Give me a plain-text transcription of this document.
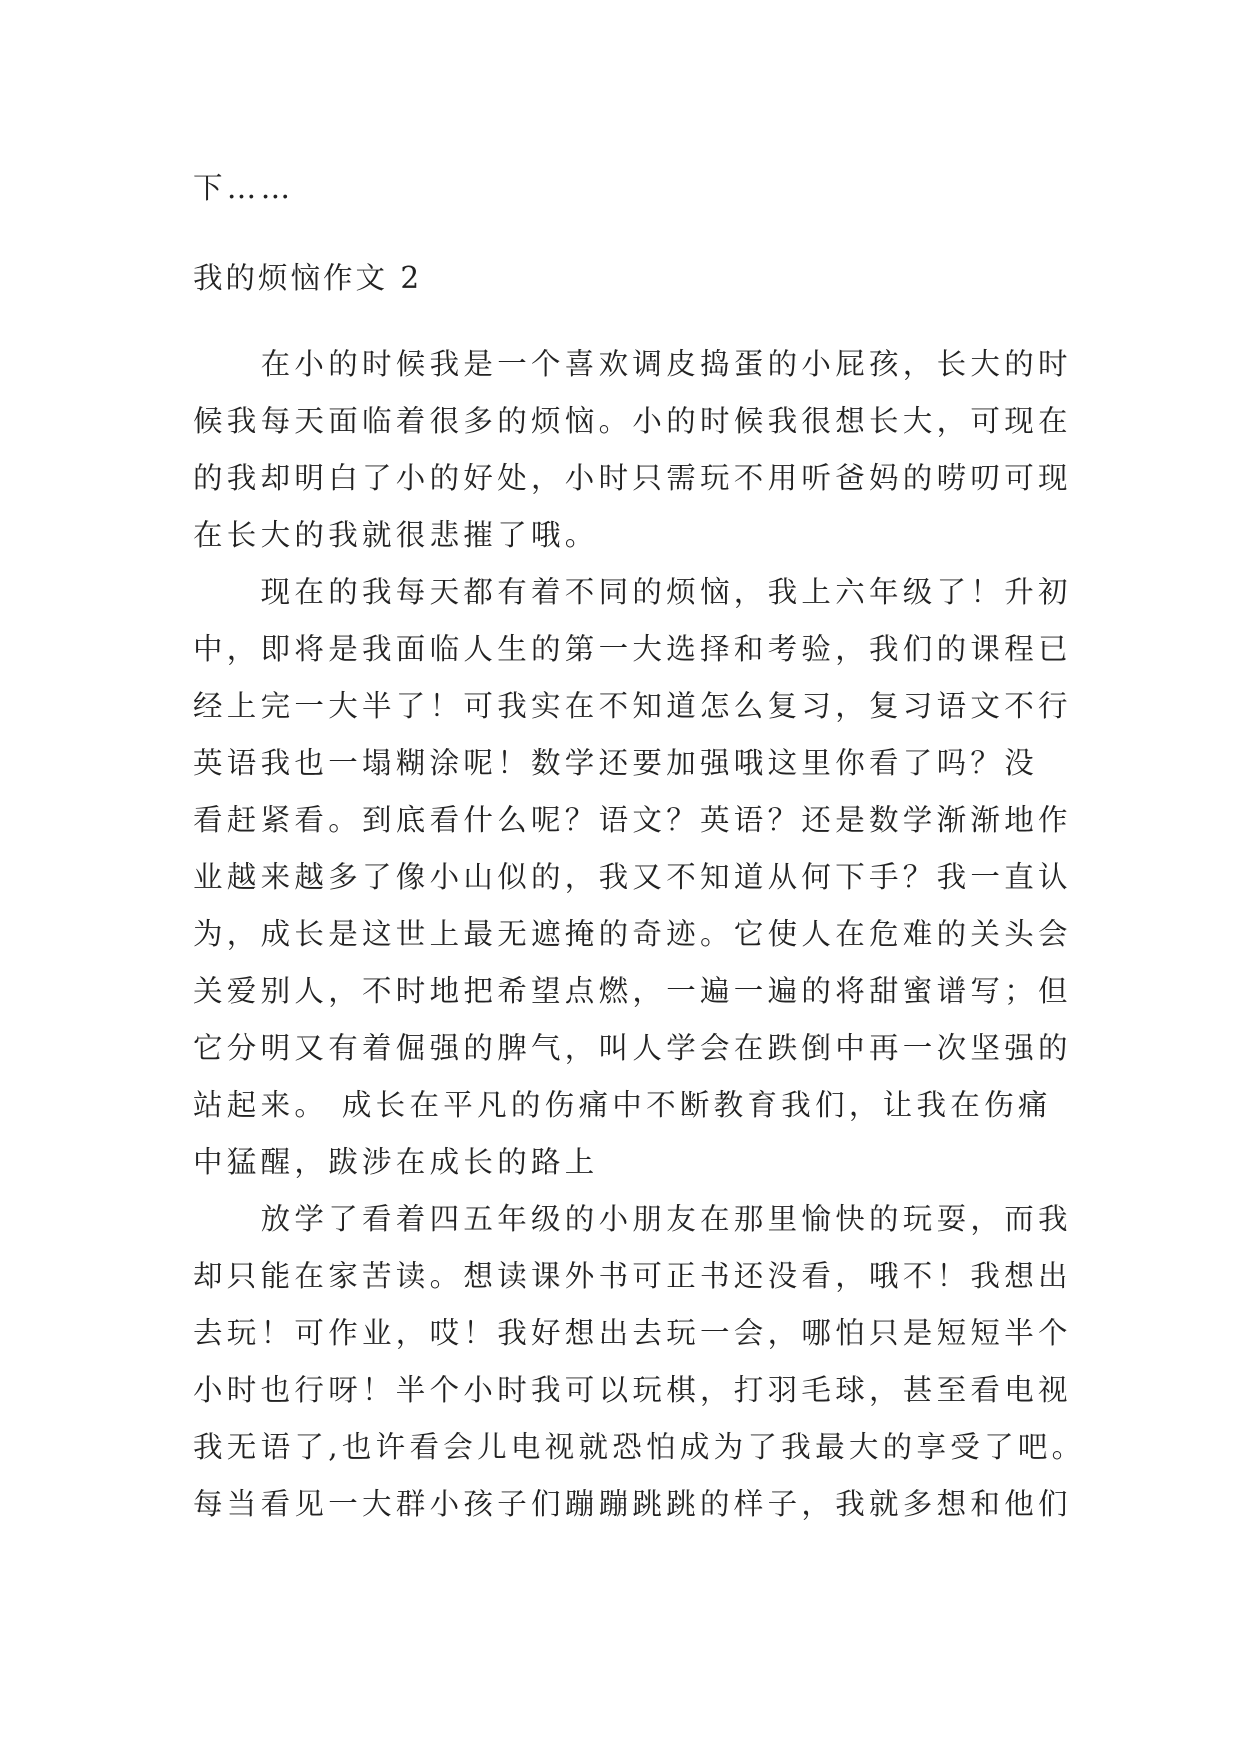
下……

我的烦恼作文 2

　　在小的时候我是一个喜欢调皮捣蛋的小屁孩，长大的时
候我每天面临着很多的烦恼。小的时候我很想长大，可现在
的我却明白了小的好处，小时只需玩不用听爸妈的唠叨可现
在长大的我就很悲摧了哦。

　　现在的我每天都有着不同的烦恼，我上六年级了！升初
中，即将是我面临人生的第一大选择和考验，我们的课程已
经上完一大半了！可我实在不知道怎么复习，复习语文不行
英语我也一塌糊涂呢！数学还要加强哦这里你看了吗？没
看赶紧看。到底看什么呢？语文？英语？还是数学渐渐地作
业越来越多了像小山似的，我又不知道从何下手？我一直认
为，成长是这世上最无遮掩的奇迹。它使人在危难的关头会
关爱别人，不时地把希望点燃，一遍一遍的将甜蜜谱写；但
它分明又有着倔强的脾气，叫人学会在跌倒中再一次坚强的
站起来。 成长在平凡的伤痛中不断教育我们，让我在伤痛
中猛醒，跋涉在成长的路上

　　放学了看着四五年级的小朋友在那里愉快的玩耍，而我
却只能在家苦读。想读课外书可正书还没看，哦不！我想出
去玩！可作业，哎！我好想出去玩一会，哪怕只是短短半个
小时也行呀！半个小时我可以玩棋，打羽毛球，甚至看电视
我无语了,也许看会儿电视就恐怕成为了我最大的享受了吧。
每当看见一大群小孩子们蹦蹦跳跳的样子，我就多想和他们
